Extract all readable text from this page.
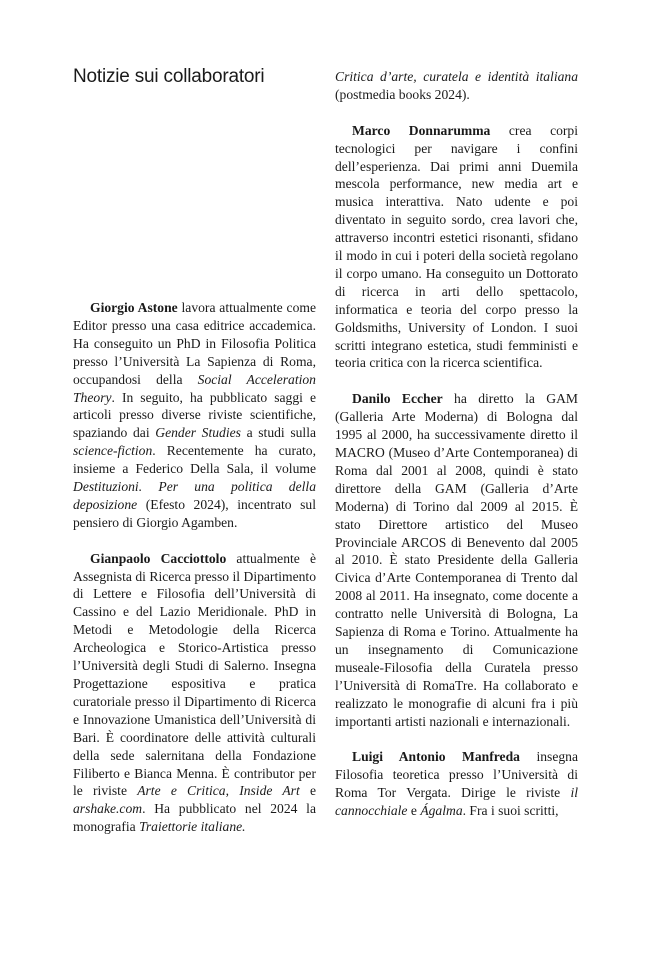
Notizie sui collaboratori

Giorgio Astone lavora attualmente come Editor presso una casa editrice accademica. Ha conseguito un PhD in Filosofia Politica presso l’Università La Sapienza di Roma, occupandosi della Social Acceleration Theory. In seguito, ha pubblicato saggi e articoli presso diverse riviste scientifiche, spaziando dai Gender Studies a studi sulla science-fiction. Recentemente ha curato, insieme a Federico Della Sala, il volume Destituzioni. Per una politica della deposizione (Efesto 2024), incentrato sul pensiero di Giorgio Agamben.

Gianpaolo Cacciottolo attualmente è Assegnista di Ricerca presso il Dipartimento di Lettere e Filosofia dell’Università di Cassino e del Lazio Meridionale. PhD in Metodi e Metodologie della Ricerca Archeologica e Storico-Artistica presso l’Università degli Studi di Salerno. Insegna Progettazione espositiva e pratica curatoriale presso il Dipartimento di Ricerca e Innovazione Umanistica dell’Università di Bari. È coordinatore delle attività culturali della sede salernitana della Fondazione Filiberto e Bianca Menna. È contributor per le riviste Arte e Critica, Inside Art e arshake.com. Ha pubblicato nel 2024 la monografia Traiettorie italiane.

Critica d’arte, curatela e identità italiana (postmedia books 2024).

Marco Donnarumma crea corpi tecnologici per navigare i confini dell’esperienza. Dai primi anni Duemila mescola performance, new media art e musica interattiva. Nato udente e poi diventato in seguito sordo, crea lavori che, attraverso incontri estetici risonanti, sfidano il modo in cui i poteri della società regolano il corpo umano. Ha conseguito un Dottorato di ricerca in arti dello spettacolo, informatica e teoria del corpo presso la Goldsmiths, University of London. I suoi scritti integrano estetica, studi femministi e teoria critica con la ricerca scientifica.

Danilo Eccher ha diretto la GAM (Galleria Arte Moderna) di Bologna dal 1995 al 2000, ha successivamente diretto il MACRO (Museo d’Arte Contemporanea) di Roma dal 2001 al 2008, quindi è stato direttore della GAM (Galleria d’Arte Moderna) di Torino dal 2009 al 2015. È stato Direttore artistico del Museo Provinciale ARCOS di Benevento dal 2005 al 2010. È stato Presidente della Galleria Civica d’Arte Contemporanea di Trento dal 2008 al 2011. Ha insegnato, come docente a contratto nelle Università di Bologna, La Sapienza di Roma e Torino. Attualmente ha un insegnamento di Comunicazione museale-Filosofia della Curatela presso l’Università di RomaTre. Ha collaborato e realizzato le monografie di alcuni fra i più importanti artisti nazionali e internazionali.

Luigi Antonio Manfreda insegna Filosofia teoretica presso l’Università di Roma Tor Vergata. Dirige le riviste il cannocchiale e Ágalma. Fra i suoi scritti,
